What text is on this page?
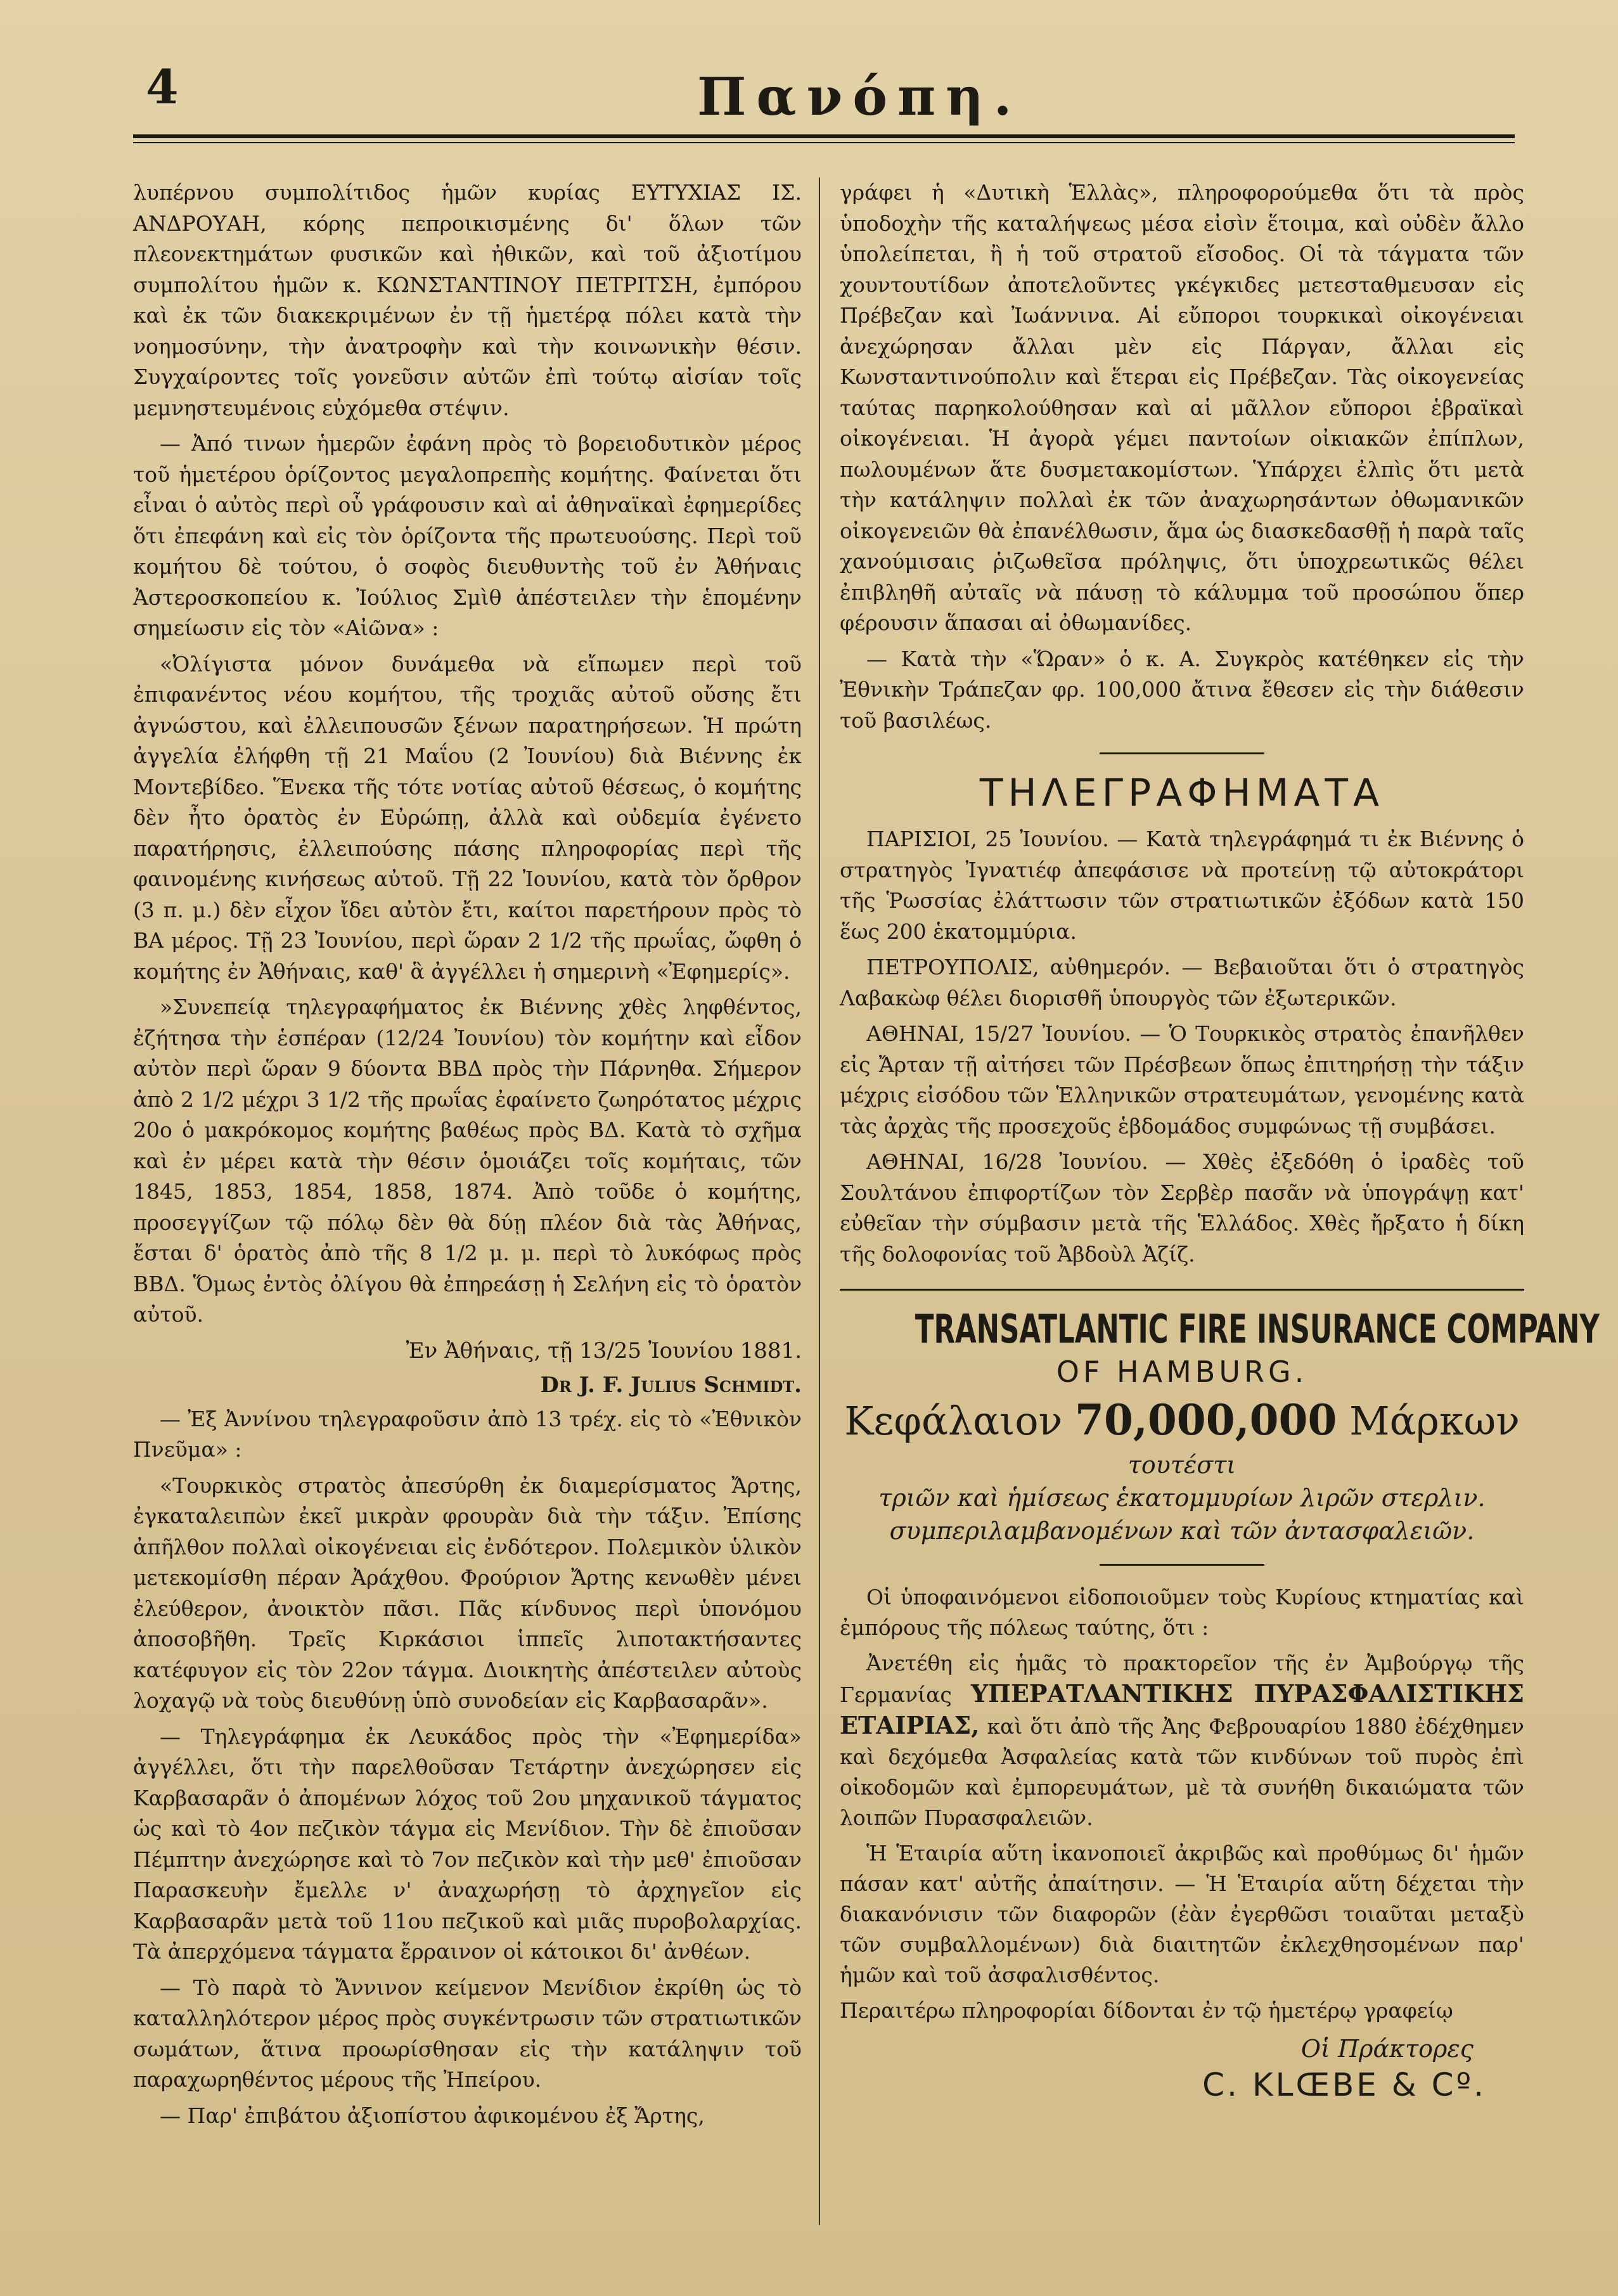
4	Πανόπη.

λυπέρνου συμπολίτιδος ἡμῶν κυρίας ΕΥΤΥΧΙΑΣ ΙΣ. ΑΝΔΡΟΥΑΗ, κόρης πεπροικισμένης δι' ὅλων τῶν πλεονεκτημάτων φυσικῶν καὶ ἠθικῶν, καὶ τοῦ ἀξιοτίμου συμπολίτου ἡμῶν κ. ΚΩΝΣΤΑΝΤΙΝΟΥ ΠΕΤΡΙΤΣΗ, ἐμπόρου καὶ ἐκ τῶν διακεκριμένων ἐν τῇ ἡμετέρᾳ πόλει κατὰ τὴν νοημοσύνην, τὴν ἀνατροφὴν καὶ τὴν κοινωνικὴν θέσιν. Συγχαίροντες τοῖς γονεῦσιν αὐτῶν ἐπὶ τούτῳ αἰσίαν τοῖς μεμνηστευμένοις εὐχόμεθα στέψιν.

— Ἀπό τινων ἡμερῶν ἐφάνη πρὸς τὸ βορειοδυτικὸν μέρος τοῦ ἡμετέρου ὁρίζοντος μεγαλοπρεπὴς κομήτης. Φαίνεται ὅτι εἶναι ὁ αὐτὸς περὶ οὗ γράφουσιν καὶ αἱ ἀθηναϊκαὶ ἐφημερίδες ὅτι ἐπεφάνη καὶ εἰς τὸν ὁρίζοντα τῆς πρωτευούσης. Περὶ τοῦ κομήτου δὲ τούτου, ὁ σοφὸς διευθυντὴς τοῦ ἐν Ἀθήναις Ἀστεροσκοπείου κ. Ἰούλιος Σμὶθ ἀπέστειλεν τὴν ἑπομένην σημείωσιν εἰς τὸν «Αἰῶνα» :

«Ὀλίγιστα μόνον δυνάμεθα νὰ εἴπωμεν περὶ τοῦ ἐπιφανέντος νέου κομήτου, τῆς τροχιᾶς αὐτοῦ οὔσης ἔτι ἀγνώστου, καὶ ἐλλειπουσῶν ξένων παρατηρήσεων. Ἡ πρώτη ἀγγελία ἐλήφθη τῇ 21 Μαΐου (2 Ἰουνίου) διὰ Βιέννης ἐκ Μοντεβίδεο. Ἕνεκα τῆς τότε νοτίας αὐτοῦ θέσεως, ὁ κομήτης δὲν ἦτο ὁρατὸς ἐν Εὐρώπῃ, ἀλλὰ καὶ οὐδεμία ἐγένετο παρατήρησις, ἐλλειπούσης πάσης πληροφορίας περὶ τῆς φαινομένης κινήσεως αὐτοῦ. Τῇ 22 Ἰουνίου, κατὰ τὸν ὄρθρον (3 π. μ.) δὲν εἶχον ἴδει αὐτὸν ἔτι, καίτοι παρετήρουν πρὸς τὸ ΒΑ μέρος. Τῇ 23 Ἰουνίου, περὶ ὥραν 2 1/2 τῆς πρωΐας, ὤφθη ὁ κομήτης ἐν Ἀθήναις, καθ' ἃ ἀγγέλλει ἡ σημερινὴ «Ἐφημερίς».

»Συνεπείᾳ τηλεγραφήματος ἐκ Βιέννης χθὲς ληφθέντος, ἐζήτησα τὴν ἑσπέραν (12/24 Ἰουνίου) τὸν κομήτην καὶ εἶδον αὐτὸν περὶ ὥραν 9 δύοντα ΒΒΔ πρὸς τὴν Πάρνηθα. Σήμερον ἀπὸ 2 1/2 μέχρι 3 1/2 τῆς πρωΐας ἐφαίνετο ζωηρότατος μέχρις 20ο ὁ μακρόκομος κομήτης βαθέως πρὸς ΒΔ. Κατὰ τὸ σχῆμα καὶ ἐν μέρει κατὰ τὴν θέσιν ὁμοιάζει τοῖς κομήταις, τῶν 1845, 1853, 1854, 1858, 1874. Ἀπὸ τοῦδε ὁ κομήτης, προσεγγίζων τῷ πόλῳ δὲν θὰ δύῃ πλέον διὰ τὰς Ἀθήνας, ἔσται δ' ὁρατὸς ἀπὸ τῆς 8 1/2 μ. μ. περὶ τὸ λυκόφως πρὸς ΒΒΔ. Ὅμως ἐντὸς ὀλίγου θὰ ἐπηρεάσῃ ἡ Σελήνη εἰς τὸ ὁρατὸν αὐτοῦ.

Ἐν Ἀθήναις, τῇ 13/25 Ἰουνίου 1881.
Dr J. F. Julius Schmidt.

— Ἐξ Ἀννίνου τηλεγραφοῦσιν ἀπὸ 13 τρέχ. εἰς τὸ «Ἐθνικὸν Πνεῦμα» :

«Τουρκικὸς στρατὸς ἀπεσύρθη ἐκ διαμερίσματος Ἄρτης, ἐγκαταλειπὼν ἐκεῖ μικρὰν φρουρὰν διὰ τὴν τάξιν. Ἐπίσης ἀπῆλθον πολλαὶ οἰκογένειαι εἰς ἐνδότερον. Πολεμικὸν ὑλικὸν μετεκομίσθη πέραν Ἀράχθου. Φρούριον Ἄρτης κενωθὲν μένει ἐλεύθερον, ἀνοικτὸν πᾶσι. Πᾶς κίνδυνος περὶ ὑπονόμου ἀποσοβῆθη. Τρεῖς Κιρκάσιοι ἱππεῖς λιποτακτήσαντες κατέφυγον εἰς τὸν 22ον τάγμα. Διοικητὴς ἀπέστειλεν αὐτοὺς λοχαγῷ νὰ τοὺς διευθύνῃ ὑπὸ συνοδείαν εἰς Καρβασαρᾶν».

— Τηλεγράφημα ἐκ Λευκάδος πρὸς τὴν «Ἐφημερίδα» ἀγγέλλει, ὅτι τὴν παρελθοῦσαν Τετάρτην ἀνεχώρησεν εἰς Καρβασαρᾶν ὁ ἀπομένων λόχος τοῦ 2ου μηχανικοῦ τάγματος ὡς καὶ τὸ 4ον πεζικὸν τάγμα εἰς Μενίδιον. Τὴν δὲ ἐπιοῦσαν Πέμπτην ἀνεχώρησε καὶ τὸ 7ον πεζικὸν καὶ τὴν μεθ' ἐπιοῦσαν Παρασκευὴν ἔμελλε ν' ἀναχωρήσῃ τὸ ἀρχηγεῖον εἰς Καρβασαρᾶν μετὰ τοῦ 11ου πεζικοῦ καὶ μιᾶς πυροβολαρχίας. Τὰ ἀπερχόμενα τάγματα ἔρραινον οἱ κάτοικοι δι' ἀνθέων.

— Τὸ παρὰ τὸ Ἄννινον κείμενον Μενίδιον ἐκρίθη ὡς τὸ καταλληλότερον μέρος πρὸς συγκέντρωσιν τῶν στρατιωτικῶν σωμάτων, ἅτινα προωρίσθησαν εἰς τὴν κατάληψιν τοῦ παραχωρηθέντος μέρους τῆς Ἠπείρου.

— Παρ' ἐπιβάτου ἀξιοπίστου ἀφικομένου ἐξ Ἄρτης,

γράφει ἡ «Δυτικὴ Ἑλλὰς», πληροφορούμεθα ὅτι τὰ πρὸς ὑποδοχὴν τῆς καταλήψεως μέσα εἰσὶν ἕτοιμα, καὶ οὐδὲν ἄλλο ὑπολείπεται, ἢ ἡ τοῦ στρατοῦ εἴσοδος. Οἱ τὰ τάγματα τῶν χουντουτίδων ἀποτελοῦντες γκέγκιδες μετεσταθμευσαν εἰς Πρέβεζαν καὶ Ἰωάννινα. Αἱ εὔποροι τουρκικαὶ οἰκογένειαι ἀνεχώρησαν ἄλλαι μὲν εἰς Πάργαν, ἄλλαι εἰς Κωνσταντινούπολιν καὶ ἕτεραι εἰς Πρέβεζαν. Τὰς οἰκογενείας ταύτας παρηκολούθησαν καὶ αἱ μᾶλλον εὔποροι ἑβραϊκαὶ οἰκογένειαι. Ἡ ἀγορὰ γέμει παντοίων οἰκιακῶν ἐπίπλων, πωλουμένων ἅτε δυσμετακομίστων. Ὑπάρχει ἐλπὶς ὅτι μετὰ τὴν κατάληψιν πολλαὶ ἐκ τῶν ἀναχωρησάντων ὀθωμανικῶν οἰκογενειῶν θὰ ἐπανέλθωσιν, ἅμα ὡς διασκεδασθῇ ἡ παρὰ ταῖς χανούμισαις ῥιζωθεῖσα πρόληψις, ὅτι ὑποχρεωτικῶς θέλει ἐπιβληθῆ αὐταῖς νὰ πάυσῃ τὸ κάλυμμα τοῦ προσώπου ὅπερ φέρουσιν ἅπασαι αἱ ὀθωμανίδες.

— Κατὰ τὴν «Ὥραν» ὁ κ. Α. Συγκρὸς κατέθηκεν εἰς τὴν Ἐθνικὴν Τράπεζαν φρ. 100,000 ἄτινα ἔθεσεν εἰς τὴν διάθεσιν τοῦ βασιλέως.

ΤΗΛΕΓΡΑΦΗΜΑΤΑ

ΠΑΡΙΣΙΟΙ, 25 Ἰουνίου. — Κατὰ τηλεγράφημά τι ἐκ Βιέννης ὁ στρατηγὸς Ἰγνατιέφ ἀπεφάσισε νὰ προτείνῃ τῷ αὐτοκράτορι τῆς Ῥωσσίας ἐλάττωσιν τῶν στρατιωτικῶν ἐξόδων κατὰ 150 ἕως 200 ἑκατομμύρια.

ΠΕΤΡΟΥΠΟΛΙΣ, αὐθημερόν. — Βεβαιοῦται ὅτι ὁ στρατηγὸς Λαβακὼφ θέλει διορισθῆ ὑπουργὸς τῶν ἐξωτερικῶν.

ΑΘΗΝΑΙ, 15/27 Ἰουνίου. — Ὁ Τουρκικὸς στρατὸς ἐπανῆλθεν εἰς Ἄρταν τῇ αἰτήσει τῶν Πρέσβεων ὅπως ἐπιτηρήσῃ τὴν τάξιν μέχρις εἰσόδου τῶν Ἑλληνικῶν στρατευμάτων, γενομένης κατὰ τὰς ἀρχὰς τῆς προσεχοῦς ἑβδομάδος συμφώνως τῇ συμβάσει.

ΑΘΗΝΑΙ, 16/28 Ἰουνίου. — Χθὲς ἐξεδόθη ὁ ἰραδὲς τοῦ Σουλτάνου ἐπιφορτίζων τὸν Σερβὲρ πασᾶν νὰ ὑπογράψῃ κατ' εὐθεῖαν τὴν σύμβασιν μετὰ τῆς Ἑλλάδος. Χθὲς ἤρξατο ἡ δίκη τῆς δολοφονίας τοῦ Ἀβδοὺλ Ἀζίζ.

TRANSATLANTIC FIRE INSURANCE COMPANY
OF HAMBURG.
Κεφάλαιον 70,000,000 Μάρκων
τουτέστι
τριῶν καὶ ἡμίσεως ἑκατομμυρίων λιρῶν στερλιν.
συμπεριλαμβανομένων καὶ τῶν ἀντασφαλειῶν.

Οἱ ὑποφαινόμενοι εἰδοποιοῦμεν τοὺς Κυρίους κτηματίας καὶ ἐμπόρους τῆς πόλεως ταύτης, ὅτι :

Ἀνετέθη εἰς ἡμᾶς τὸ πρακτορεῖον τῆς ἐν Ἀμβούργῳ τῆς Γερμανίας ΥΠΕΡΑΤΛΑΝΤΙΚΗΣ ΠΥΡΑΣΦΑΛΙΣΤΙΚΗΣ ΕΤΑΙΡΙΑΣ, καὶ ὅτι ἀπὸ τῆς Ἀης Φεβρουαρίου 1880 ἐδέχθημεν καὶ δεχόμεθα Ἀσφαλείας κατὰ τῶν κινδύνων τοῦ πυρὸς ἐπὶ οἰκοδομῶν καὶ ἐμπορευμάτων, μὲ τὰ συνήθη δικαιώματα τῶν λοιπῶν Πυρασφαλειῶν.

Ἡ Ἑταιρία αὕτη ἱκανοποιεῖ ἀκριβῶς καὶ προθύμως δι' ἡμῶν πάσαν κατ' αὐτῆς ἀπαίτησιν. — Ἡ Ἑταιρία αὕτη δέχεται τὴν διακανόνισιν τῶν διαφορῶν (ἐὰν ἐγερθῶσι τοιαῦται μεταξὺ τῶν συμβαλλομένων) διὰ διαιτητῶν ἐκλεχθησομένων παρ' ἡμῶν καὶ τοῦ ἀσφαλισθέντος.

Περαιτέρω πληροφορίαι δίδονται ἐν τῷ ἡμετέρῳ γραφείῳ

Οἱ Πράκτορες
C. KLŒBE & Cº.
